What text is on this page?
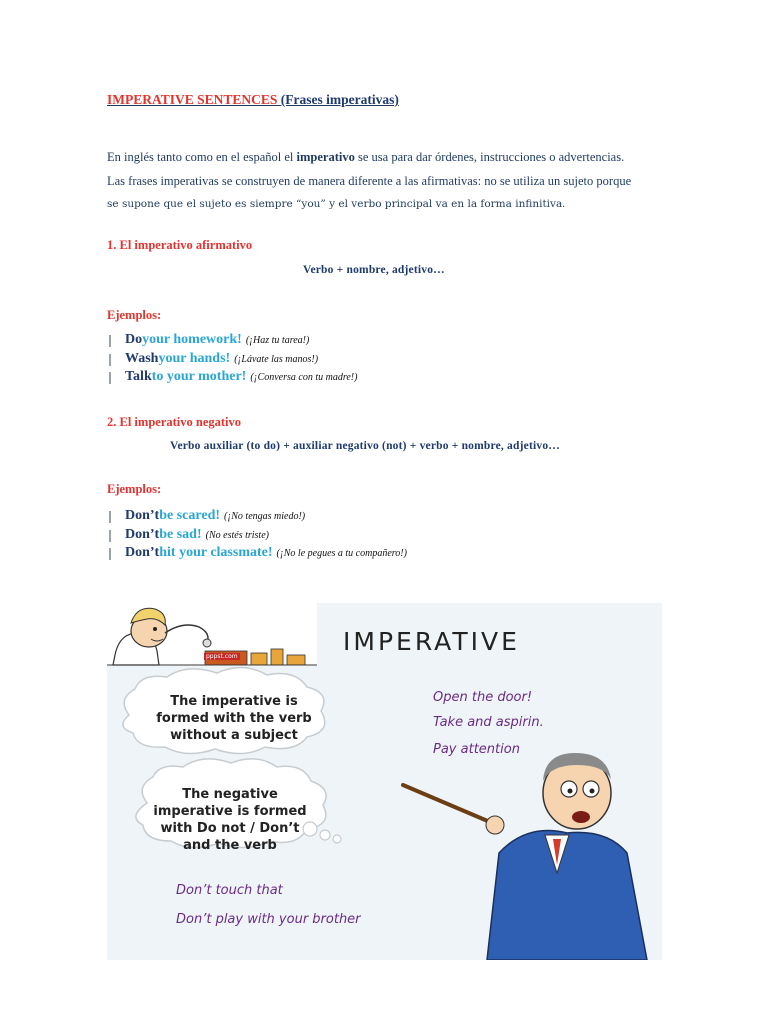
IMPERATIVE SENTENCES (Frases imperativas)
En inglés tanto como en el español el imperativo se usa para dar órdenes, instrucciones o advertencias.
Las frases imperativas se construyen de manera diferente a las afirmativas: no se utiliza un sujeto porque
se supone que el sujeto es siempre “you” y el verbo principal va en la forma infinitiva.
1. El imperativo afirmativo
Verbo + nombre, adjetivo…
Ejemplos:
Do your homework! (¡Haz tu tarea!)
Wash your hands! (¡Lávate las manos!)
Talk to your mother! (¡Conversa con tu madre!)
2. El imperativo negativo
Verbo auxiliar (to do) + auxiliar negativo (not) + verbo + nombre, adjetivo…
Ejemplos:
Don’t be scared! (¡No tengas miedo!)
Don’t be sad! (No estés triste)
Don’t hit your classmate! (¡No le pegues a tu compañero!)
IMPERATIVE
pppst.com
The imperative is
formed with the verb
without a subject
The negative
imperative is formed
with Do not / Don’t
and the verb
Open the door!
Take and aspirin.
Pay attention
Don’t touch that
Don’t play with your brother
